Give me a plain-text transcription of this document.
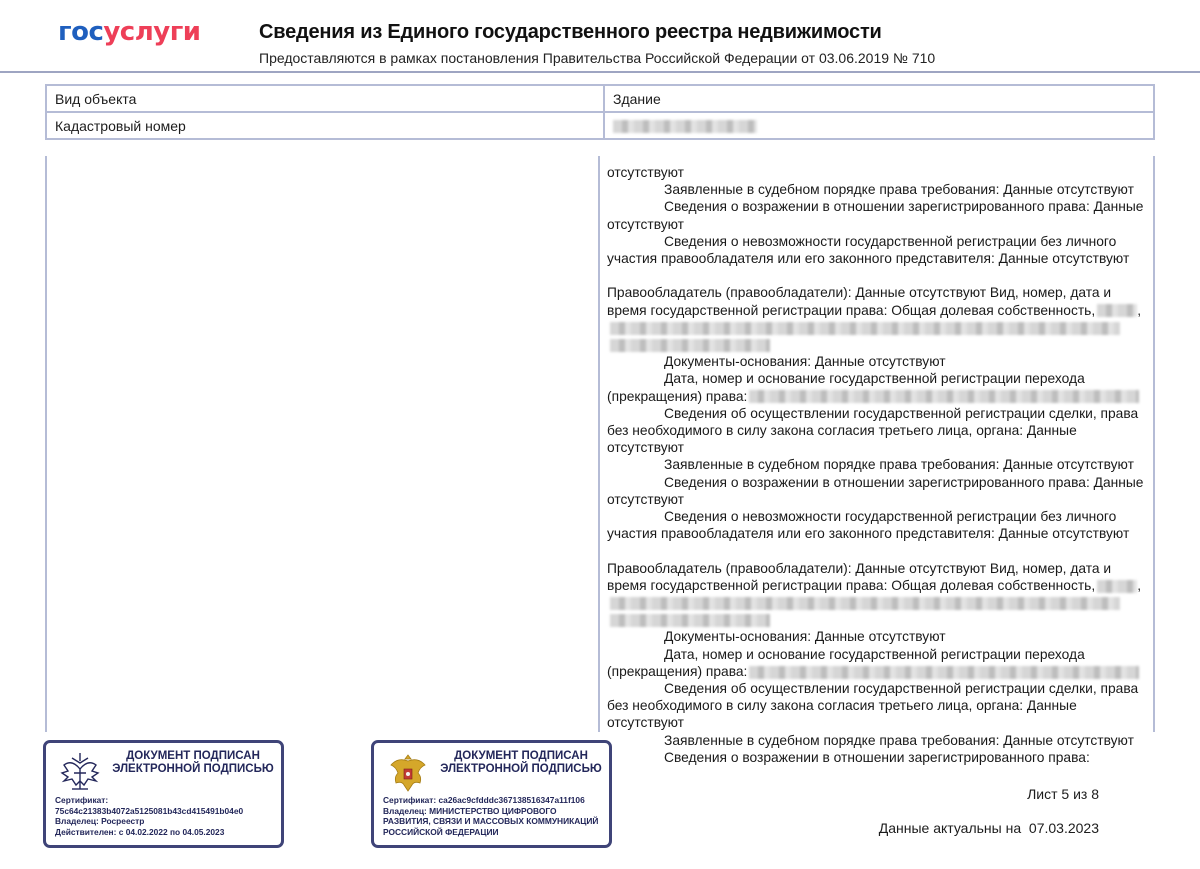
госуслуги	Сведения из Единого государственного реестра недвижимости
Предоставляются в рамках постановления Правительства Российской Федерации от 03.06.2019 № 710
Вид объекта	Здание
Кадастровый номер	

отсутствуют

Заявленные в судебном порядке права требования: Данные отсутствуют

Сведения о возражении в отношении зарегистрированного права: Данные отсутствуют

Сведения о невозможности государственной регистрации без личного участия правообладателя или его законного представителя: Данные отсутствуют

Правообладатель (правообладатели): Данные отсутствуют Вид, номер, дата и время государственной регистрации права: Общая долевая собственность,	,

Документы-основания: Данные отсутствуют

Дата, номер и основание государственной регистрации перехода (прекращения) права:

Сведения об осуществлении государственной регистрации сделки, права без необходимого в силу закона согласия третьего лица, органа: Данные отсутствуют

Заявленные в судебном порядке права требования: Данные отсутствуют

Сведения о возражении в отношении зарегистрированного права: Данные отсутствуют

Сведения о невозможности государственной регистрации без личного участия правообладателя или его законного представителя: Данные отсутствуют

Правообладатель (правообладатели): Данные отсутствуют Вид, номер, дата и время государственной регистрации права: Общая долевая собственность,	,

Документы-основания: Данные отсутствуют

Дата, номер и основание государственной регистрации перехода (прекращения) права:

Сведения об осуществлении государственной регистрации сделки, права без необходимого в силу закона согласия третьего лица, органа: Данные отсутствуют

Заявленные в судебном порядке права требования: Данные отсутствуют

Сведения о возражении в отношении зарегистрированного права:

ДОКУМЕНТ ПОДПИСАН ЭЛЕКТРОННОЙ ПОДПИСЬЮ
Сертификат:
75c64c21383b4072a5125081b43cd415491b04e0
Владелец: Росреестр
Действителен: с 04.02.2022 по 04.05.2023
ДОКУМЕНТ ПОДПИСАН ЭЛЕКТРОННОЙ ПОДПИСЬЮ
Сертификат: ca26ac9cfdddc367138516347a11f106
Владелец: МИНИСТЕРСТВО ЦИФРОВОГО РАЗВИТИЯ, СВЯЗИ И МАССОВЫХ КОММУНИКАЦИЙ РОССИЙСКОЙ ФЕДЕРАЦИИ
Лист 5 из 8
Данные актуальны на 07.03.2023
